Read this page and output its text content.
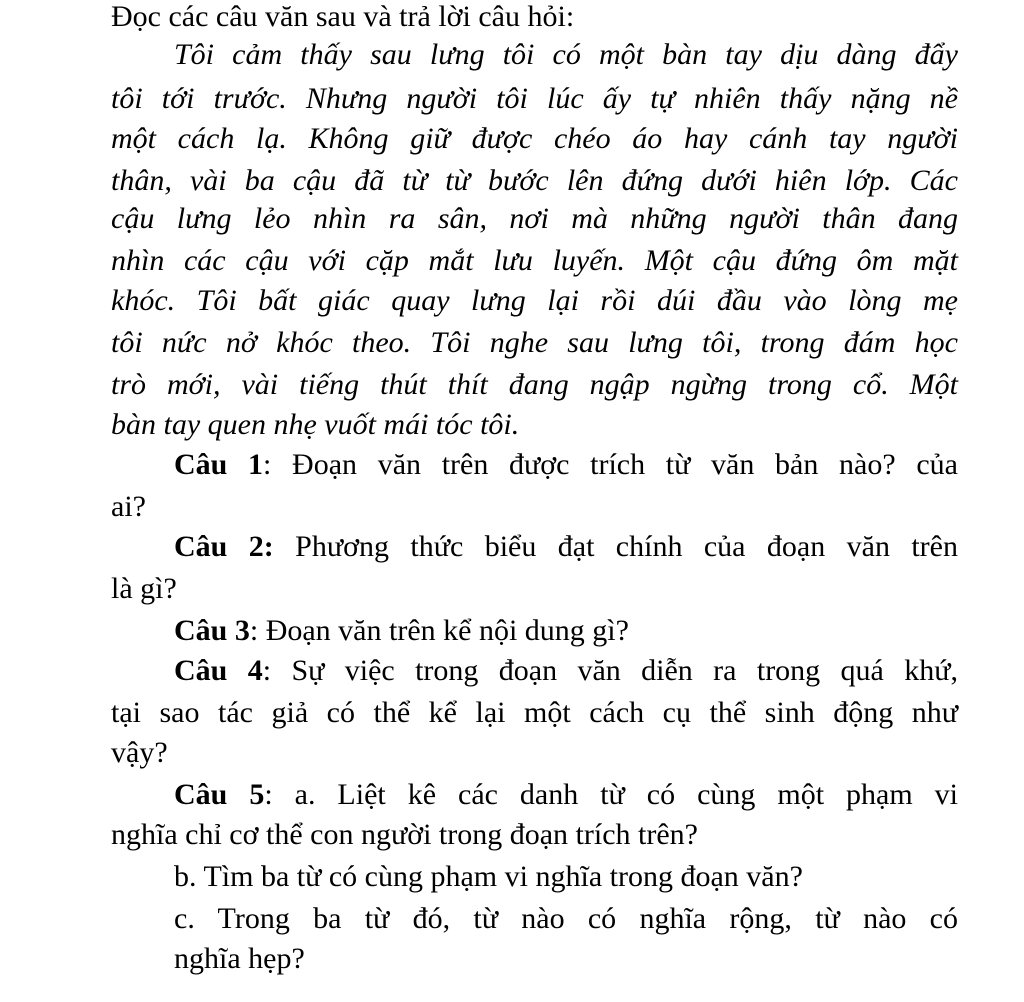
Đọc các câu văn sau và trả lời câu hỏi:
Tôi cảm thấy sau lưng tôi có một bàn tay dịu dàng đẩy
tôi tới trước. Nhưng người tôi lúc ấy tự nhiên thấy nặng nề
một cách lạ. Không giữ được chéo áo hay cánh tay người
thân, vài ba cậu đã từ từ bước lên đứng dưới hiên lớp. Các
cậu lưng lẻo nhìn ra sân, nơi mà những người thân đang
nhìn các cậu với cặp mắt lưu luyến. Một cậu đứng ôm mặt
khóc. Tôi bất giác quay lưng lại rồi dúi đầu vào lòng mẹ
tôi nức nở khóc theo. Tôi nghe sau lưng tôi, trong đám học
trò mới, vài tiếng thút thít đang ngập ngừng trong cổ. Một
bàn tay quen nhẹ vuốt mái tóc tôi.
Câu 1: Đoạn văn trên được trích từ văn bản nào? của
ai?
Câu 2: Phương thức biểu đạt chính của đoạn văn trên
là gì?
Câu 3: Đoạn văn trên kể nội dung gì?
Câu 4: Sự việc trong đoạn văn diễn ra trong quá khứ,
tại sao tác giả có thể kể lại một cách cụ thể sinh động như
vậy?
Câu 5: a. Liệt kê các danh từ có cùng một phạm vi
nghĩa chỉ cơ thể con người trong đoạn trích trên?
b. Tìm ba từ có cùng phạm vi nghĩa trong đoạn văn?
c. Trong ba từ đó, từ nào có nghĩa rộng, từ nào có
nghĩa hẹp?
